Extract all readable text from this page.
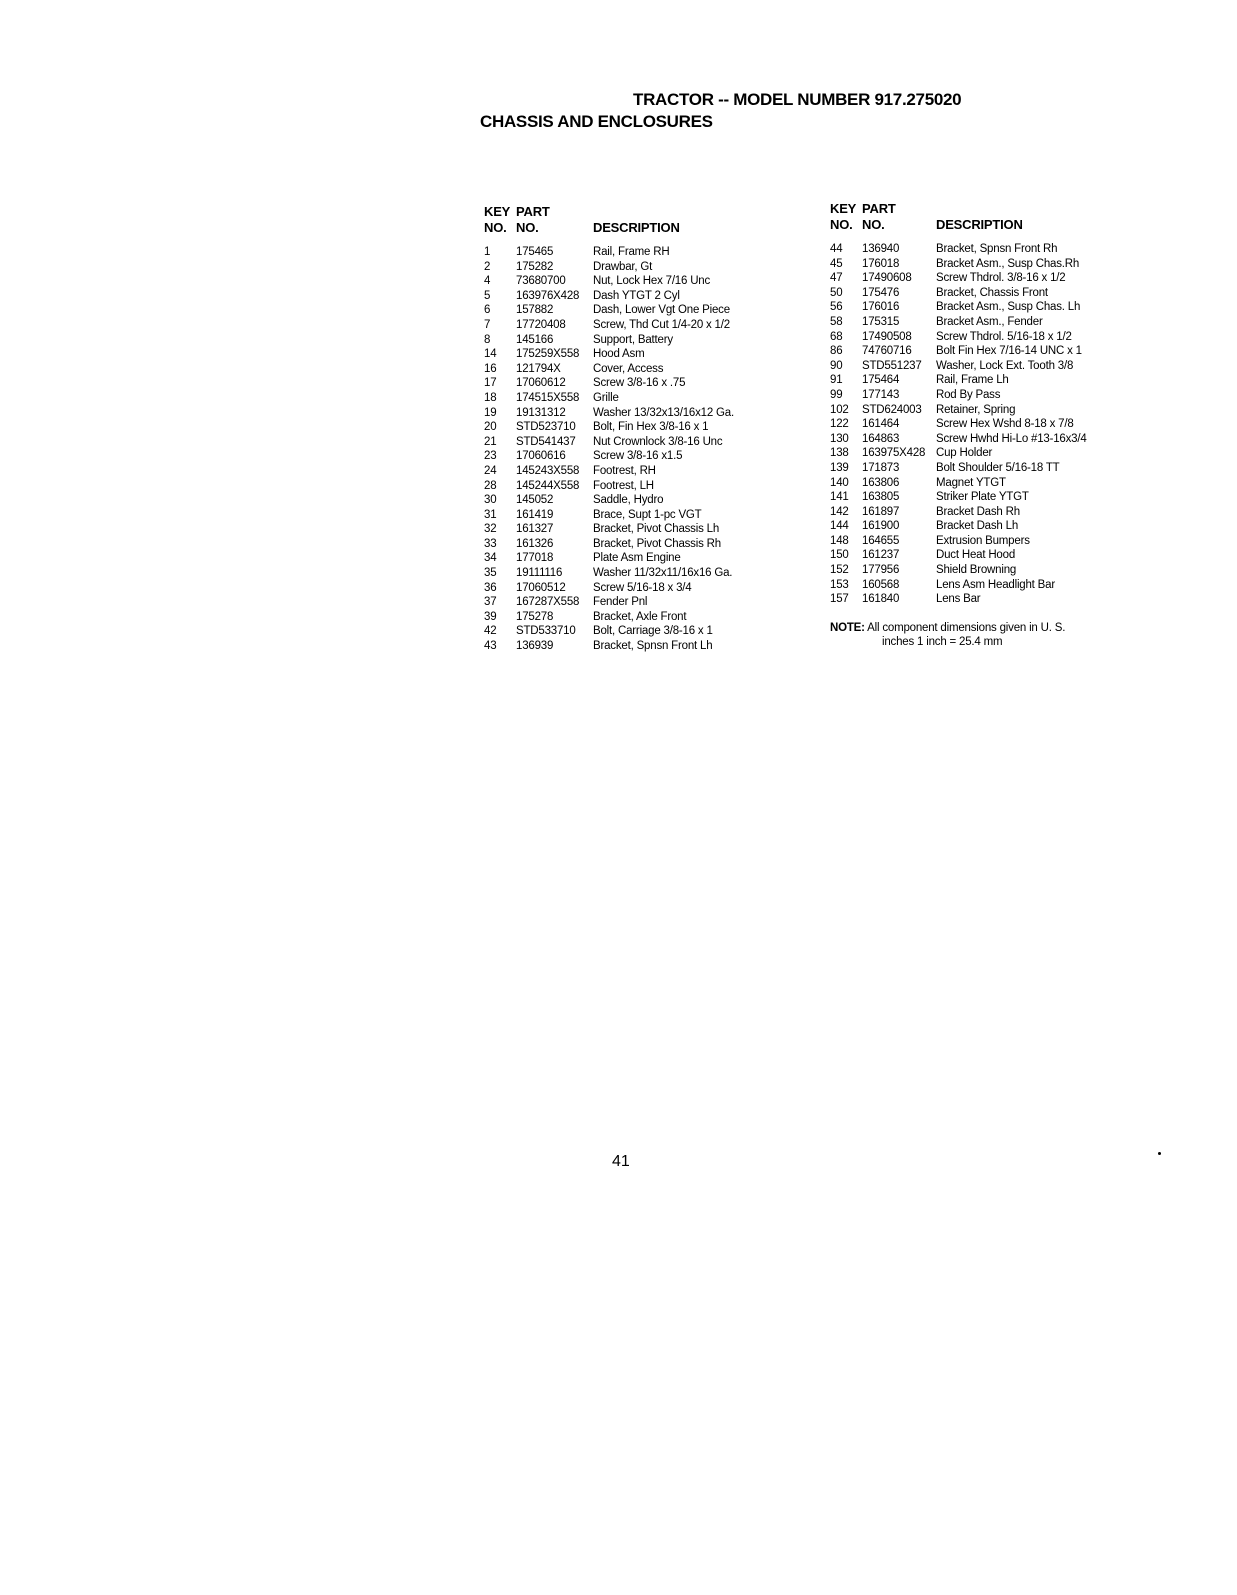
TRACTOR -- MODEL NUMBER 917.275020
CHASSIS AND ENCLOSURES
KEY
NO.
PART
NO.	DESCRIPTION
1	175465	Rail, Frame RH
2	175282	Drawbar, Gt
4	73680700	Nut, Lock Hex 7/16 Unc
5	163976X428	Dash YTGT 2 Cyl
6	157882	Dash, Lower Vgt One Piece
7	17720408	Screw, Thd Cut 1/4-20 x 1/2
8	145166	Support, Battery
14	175259X558	Hood Asm
16	121794X	Cover, Access
17	17060612	Screw 3/8-16 x .75
18	174515X558	Grille
19	19131312	Washer 13/32x13/16x12 Ga.
20	STD523710	Bolt, Fin Hex 3/8-16 x 1
21	STD541437	Nut Crownlock 3/8-16 Unc
23	17060616	Screw 3/8-16 x1.5
24	145243X558	Footrest, RH
28	145244X558	Footrest, LH
30	145052	Saddle, Hydro
31	161419	Brace, Supt 1-pc VGT
32	161327	Bracket, Pivot Chassis Lh
33	161326	Bracket, Pivot Chassis Rh
34	177018	Plate Asm Engine
35	19111116	Washer 11/32x11/16x16 Ga.
36	17060512	Screw 5/16-18 x 3/4
37	167287X558	Fender Pnl
39	175278	Bracket, Axle Front
42	STD533710	Bolt, Carriage 3/8-16 x 1
43	136939	Bracket, Spnsn Front Lh
KEY
NO.
PART
NO.	DESCRIPTION
44	136940	Bracket, Spnsn Front Rh
45	176018	Bracket Asm., Susp Chas.Rh
47	17490608	Screw Thdrol. 3/8-16 x 1/2
50	175476	Bracket, Chassis Front
56	176016	Bracket Asm., Susp Chas. Lh
58	175315	Bracket Asm., Fender
68	17490508	Screw Thdrol. 5/16-18 x 1/2
86	74760716	Bolt Fin Hex 7/16-14 UNC x 1
90	STD551237	Washer, Lock Ext. Tooth 3/8
91	175464	Rail, Frame Lh
99	177143	Rod By Pass
102	STD624003	Retainer, Spring
122	161464	Screw Hex Wshd 8-18 x 7/8
130	164863	Screw Hwhd Hi-Lo #13-16x3/4
138	163975X428 Cup Holder
139	171873	Bolt Shoulder 5/16-18 TT
140	163806	Magnet YTGT
141	163805	Striker Plate YTGT
142	161897	Bracket Dash Rh
144	161900	Bracket Dash Lh
148	164655	Extrusion Bumpers
150	161237	Duct Heat Hood
152	177956	Shield Browning
153	160568	Lens Asm Headlight Bar
157	161840	Lens Bar
NOTE: All component dimensions given in U. S.
inches 1 inch = 25.4 mm
41
